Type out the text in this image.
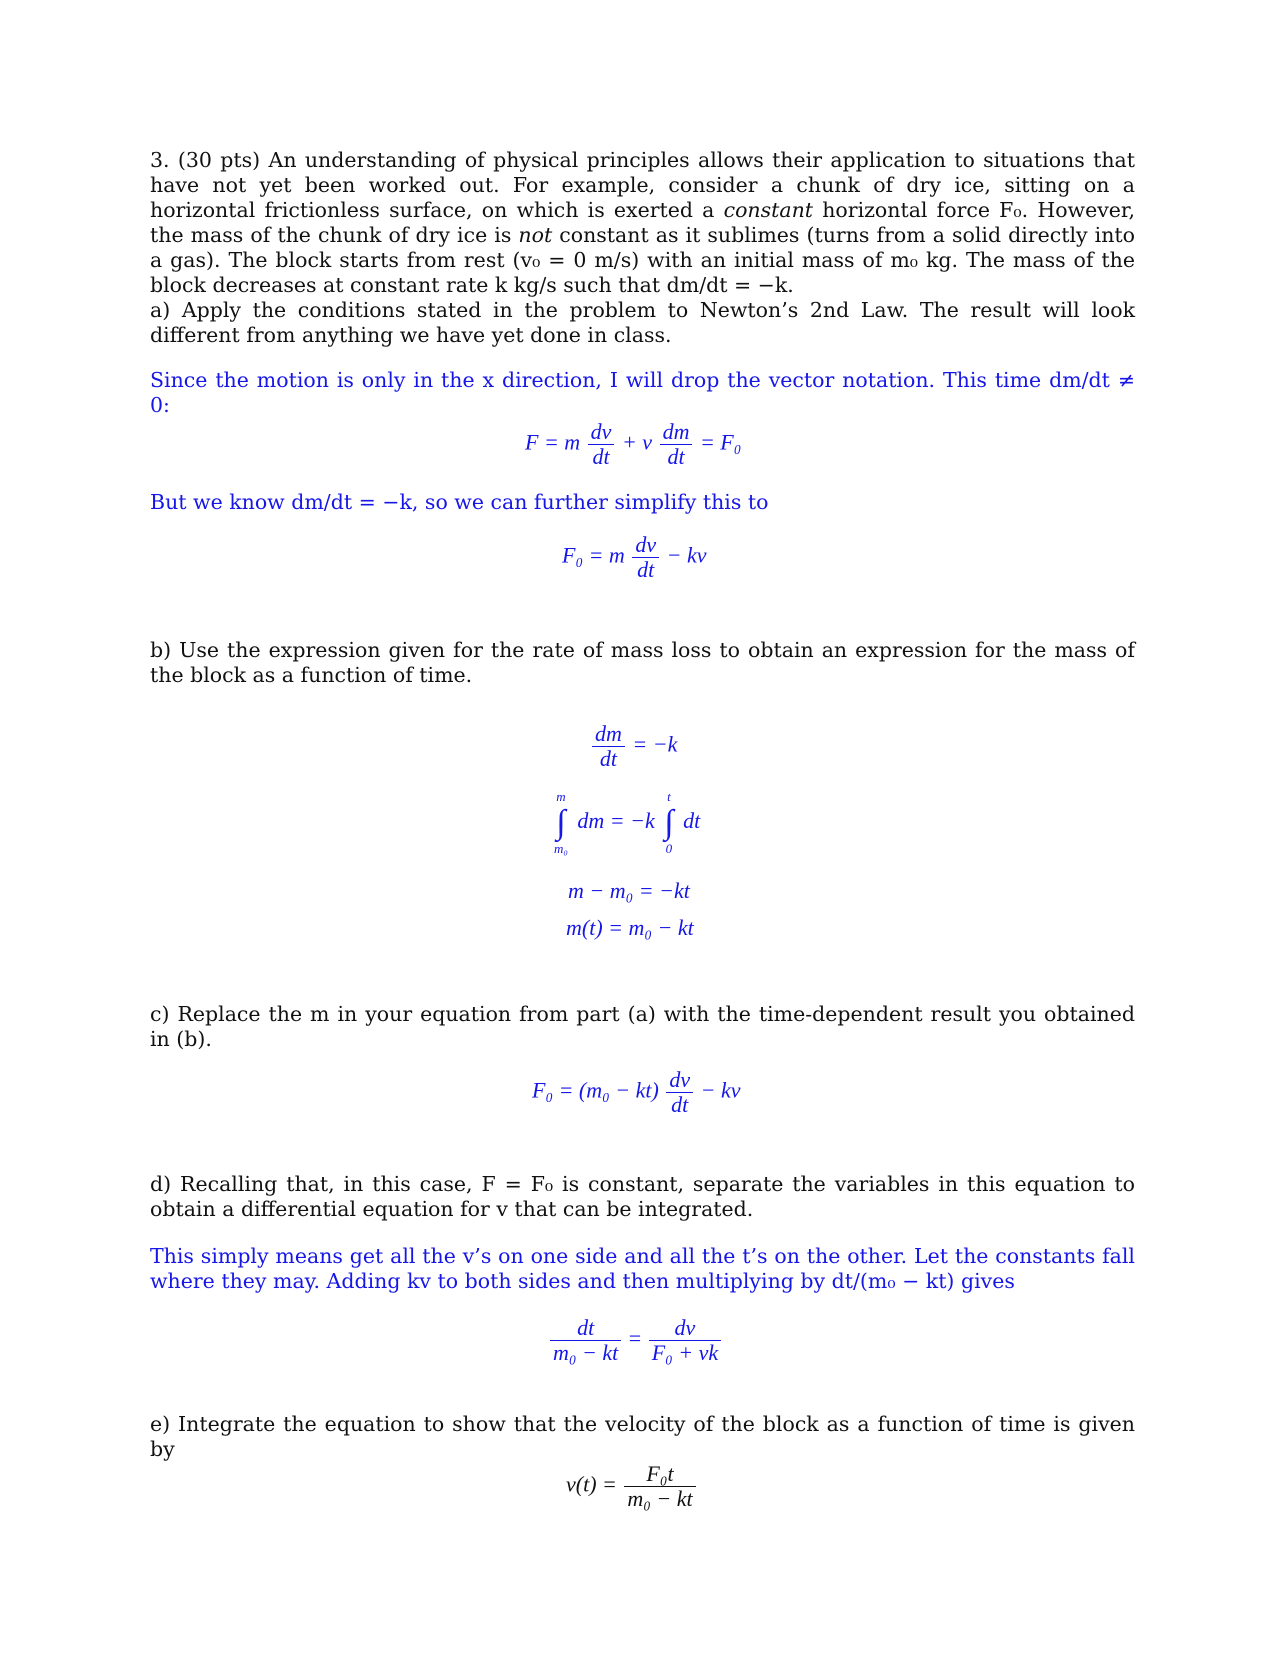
3. (30 pts) An understanding of physical principles allows their application to situations that have not yet been worked out. For example, consider a chunk of dry ice, sitting on a horizontal frictionless surface, on which is exerted a constant horizontal force F₀. However, the mass of the chunk of dry ice is not constant as it sublimes (turns from a solid directly into a gas). The block starts from rest (v₀ = 0 m/s) with an initial mass of m₀ kg. The mass of the block decreases at constant rate k kg/s such that dm/dt = −k.

a) Apply the conditions stated in the problem to Newton’s 2nd Law. The result will look different from anything we have yet done in class.

Since the motion is only in the x direction, I will drop the vector notation. This time dm/dt ≠ 0:

F = m $\frac{dv}{dt} + v \frac{dm}{dt} = F_0$

But we know dm/dt = −k, so we can further simplify this to

F₀ = m $\frac{dv}{dt}$ − kv

b) Use the expression given for the rate of mass loss to obtain an expression for the mass of the block as a function of time.

$\frac{dm}{dt} = -k$
m
∫
m₀
dm = −k
t
∫
0
dt
m − m₀ = −kt
m(t) = m₀ − kt

c) Replace the m in your equation from part (a) with the time-dependent result you obtained in (b).

$F_0 = (m_0 - kt) \frac{dv}{dt}$ − kv

d) Recalling that, in this case, F = F₀ is constant, separate the variables in this equation to obtain a differential equation for v that can be integrated.

This simply means get all the v’s on one side and all the t’s on the other. Let the constants fall where they may. Adding kv to both sides and then multiplying by dt/(m₀ − kt) gives

$\frac{dt}{\text{m₀ − kt}} = \frac{dv}{\text{F₀ + vk}}$

e) Integrate the equation to show that the velocity of the block as a function of time is given by

$v(t) = \frac{\text{F₀t}}{\text{m₀ − kt}}$
